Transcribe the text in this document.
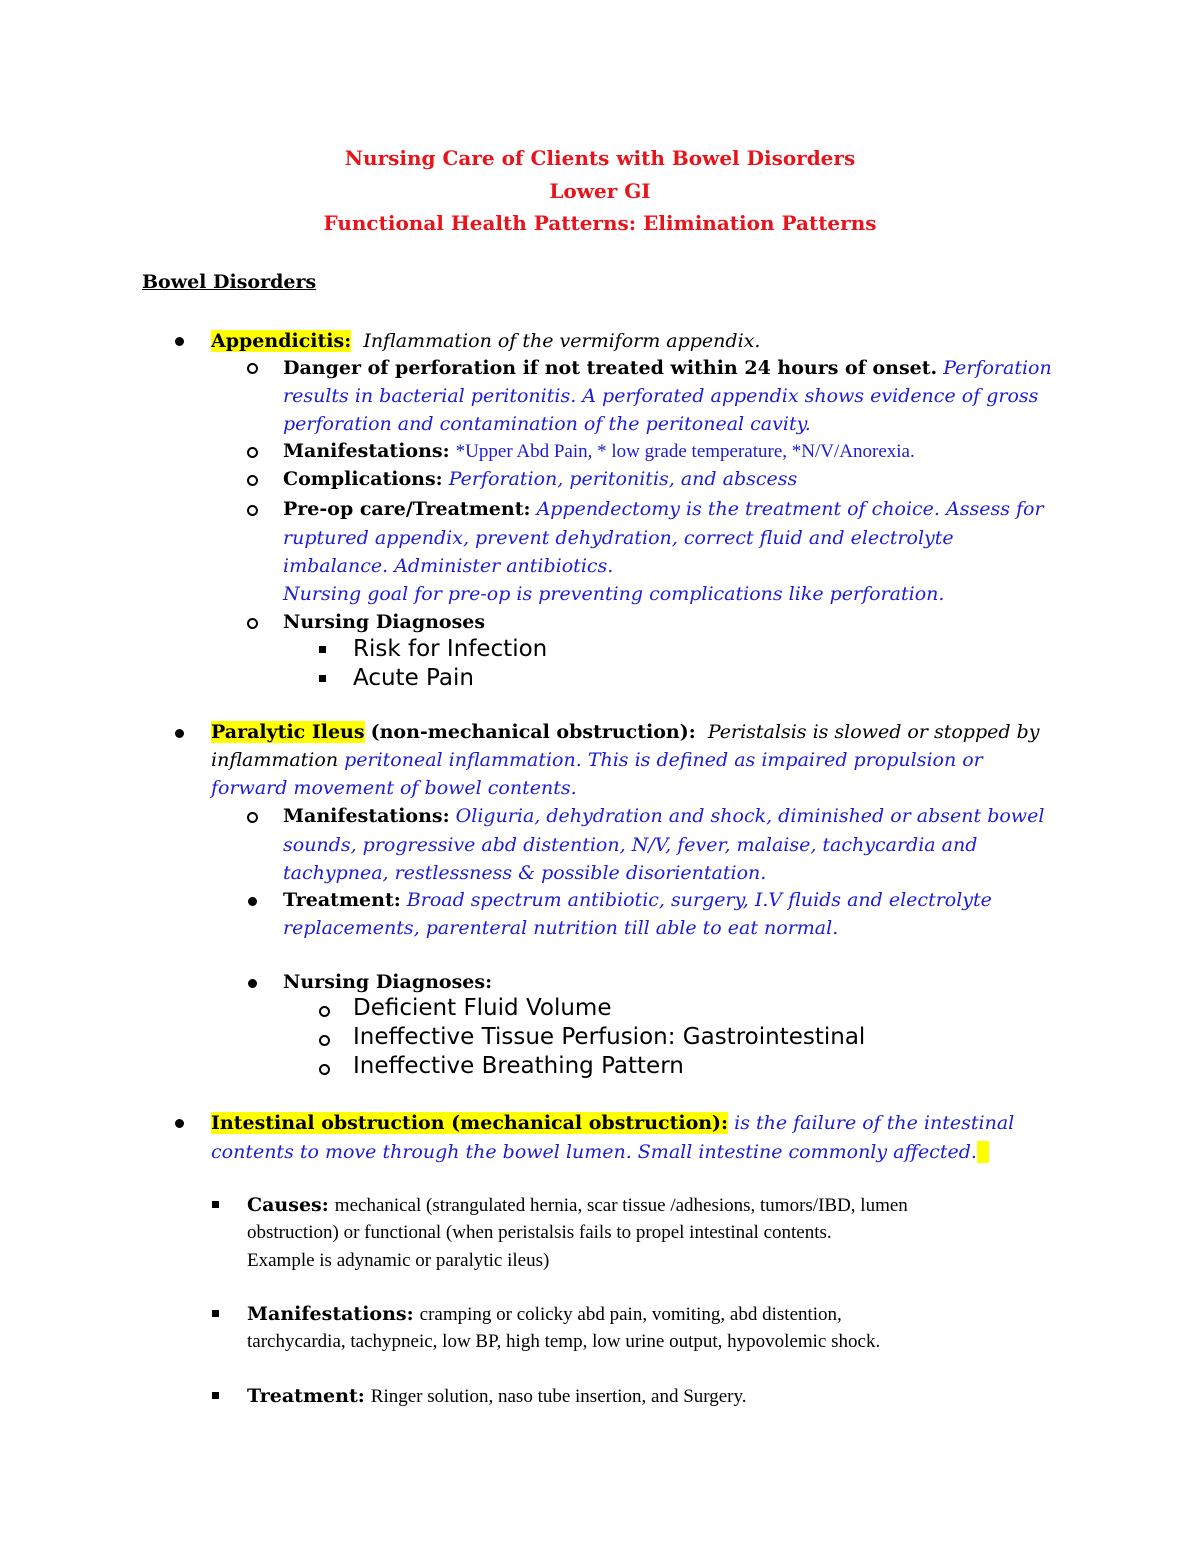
Nursing Care of Clients with Bowel Disorders
Lower GI
Functional Health Patterns: Elimination Patterns
Bowel Disorders
Appendicitis: Inflammation of the vermiform appendix.
Danger of perforation if not treated within 24 hours of onset. Perforation
results in bacterial peritonitis. A perforated appendix shows evidence of gross
perforation and contamination of the peritoneal cavity.
Manifestations: *Upper Abd Pain, * low grade temperature, *N/V/Anorexia.
Complications: Perforation, peritonitis, and abscess
Pre-op care/Treatment: Appendectomy is the treatment of choice. Assess for
ruptured appendix, prevent dehydration, correct fluid and electrolyte
imbalance. Administer antibiotics.
Nursing goal for pre-op is preventing complications like perforation.
Nursing Diagnoses
Risk for Infection
Acute Pain
Paralytic Ileus (non-mechanical obstruction): Peristalsis is slowed or stopped by
inflammation peritoneal inflammation. This is defined as impaired propulsion or
forward movement of bowel contents.
Manifestations: Oliguria, dehydration and shock, diminished or absent bowel
sounds, progressive abd distention, N/V, fever, malaise, tachycardia and
tachypnea, restlessness & possible disorientation.
Treatment: Broad spectrum antibiotic, surgery, I.V fluids and electrolyte
replacements, parenteral nutrition till able to eat normal.
Nursing Diagnoses:
Deficient Fluid Volume
Ineffective Tissue Perfusion: Gastrointestinal
Ineffective Breathing Pattern
Intestinal obstruction (mechanical obstruction): is the failure of the intestinal
contents to move through the bowel lumen. Small intestine commonly affected.
Causes: mechanical (strangulated hernia, scar tissue /adhesions, tumors/IBD, lumen
obstruction) or functional (when peristalsis fails to propel intestinal contents.
Example is adynamic or paralytic ileus)
Manifestations: cramping or colicky abd pain, vomiting, abd distention,
tarchycardia, tachypneic, low BP, high temp, low urine output, hypovolemic shock.
Treatment: Ringer solution, naso tube insertion, and Surgery.
